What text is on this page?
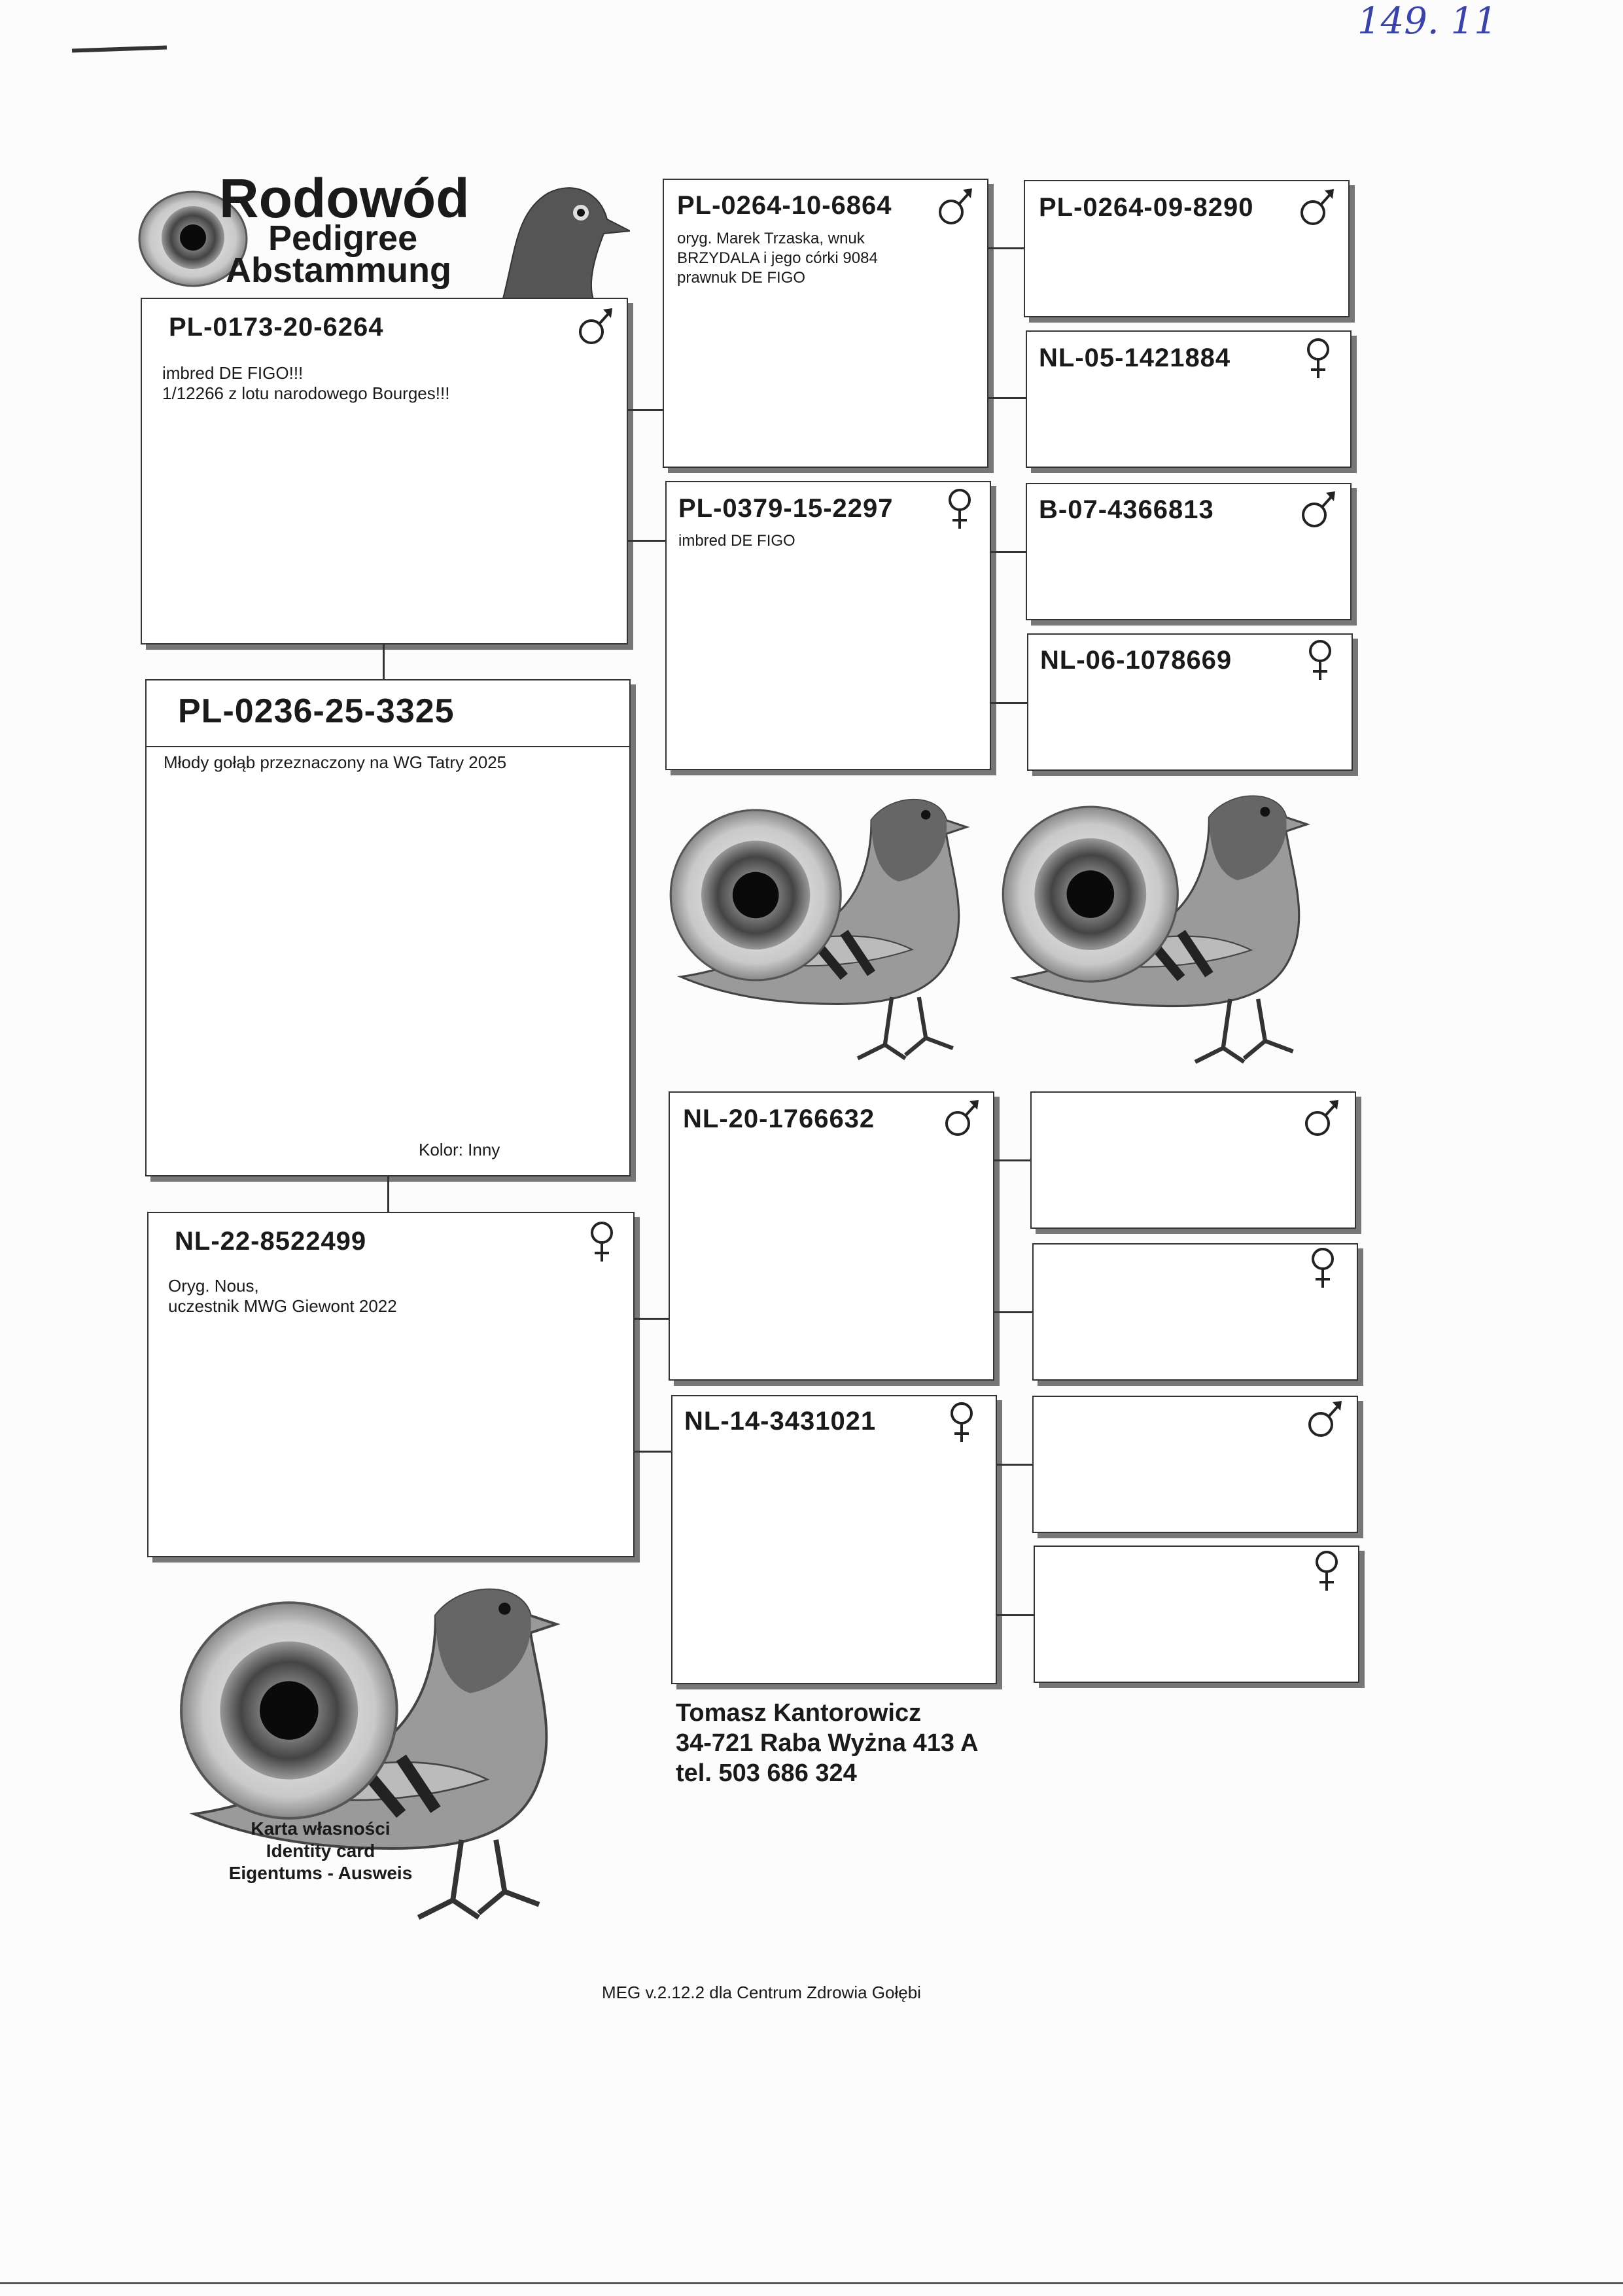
149. 11
Rodowód
Pedigree
Abstammung
PL-0236-25-3325
Młody gołąb przeznaczony na WG Tatry 2025
Kolor: Inny
PL-0173-20-6264
imbred DE FIGO!!!
1/12266 z lotu narodowego Bourges!!!
NL-22-8522499
Oryg. Nous,
uczestnik MWG Giewont 2022
PL-0264-10-6864
oryg. Marek Trzaska, wnuk
BRZYDALA i jego córki 9084
prawnuk DE FIGO
PL-0379-15-2297
imbred DE FIGO
NL-20-1766632
NL-14-3431021
PL-0264-09-8290
NL-05-1421884
B-07-4366813
NL-06-1078669
Karta własności
Identity card
Eigentums - Ausweis
Tomasz Kantorowicz
34-721 Raba Wyżna 413 A
tel. 503 686 324
MEG v.2.12.2 dla Centrum Zdrowia Gołębi
